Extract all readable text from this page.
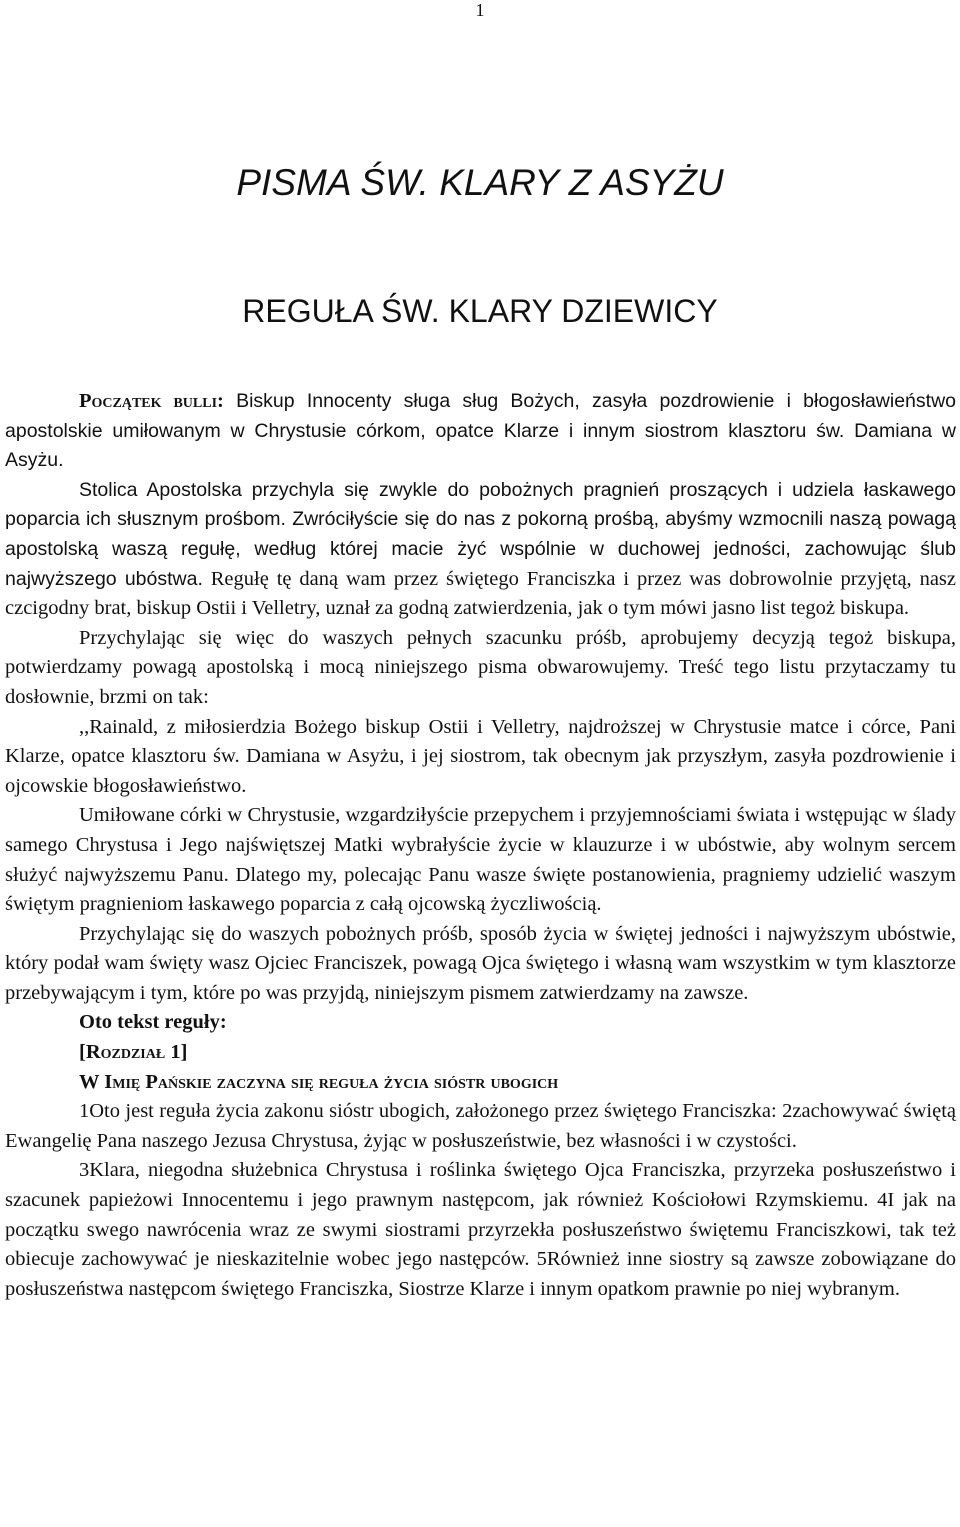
1
PISMA ŚW. KLARY Z ASYŻU
REGUŁA ŚW. KLARY DZIEWICY

Początek bulli: Biskup Innocenty sługa sług Bożych, zasyła pozdrowienie i błogosławieństwo apostolskie umiłowanym w Chrystusie córkom, opatce Klarze i innym siostrom klasztoru św. Damiana w Asyżu.

Stolica Apostolska przychyla się zwykle do pobożnych pragnień proszących i udziela łaskawego poparcia ich słusznym prośbom. Zwróciłyście się do nas z pokorną prośbą, abyśmy wzmocnili naszą powagą apostolską waszą regułę, według której macie żyć wspólnie w duchowej jedności, zachowując ślub najwyższego ubóstwa. Regułę tę daną wam przez świętego Franciszka i przez was dobrowolnie przyjętą, nasz czcigodny brat, biskup Ostii i Velletry, uznał za godną zatwierdzenia, jak o tym mówi jasno list tegoż biskupa.

Przychylając się więc do waszych pełnych szacunku próśb, aprobujemy decyzją tegoż biskupa, potwierdzamy powagą apostolską i mocą niniejszego pisma obwarowujemy. Treść tego listu przytaczamy tu dosłownie, brzmi on tak:

,,Rainald, z miłosierdzia Bożego biskup Ostii i Velletry, najdroższej w Chrystusie matce i córce, Pani Klarze, opatce klasztoru św. Damiana w Asyżu, i jej siostrom, tak obecnym jak przyszłym, zasyła pozdrowienie i ojcowskie błogosławieństwo.

Umiłowane córki w Chrystusie, wzgardziłyście przepychem i przyjemnościami świata i wstępując w ślady samego Chrystusa i Jego najświętszej Matki wybrałyście życie w klauzurze i w ubóstwie, aby wolnym sercem służyć najwyższemu Panu. Dlatego my, polecając Panu wasze święte postanowienia, pragniemy udzielić waszym świętym pragnieniom łaskawego poparcia z całą ojcowską życzliwością.

Przychylając się do waszych pobożnych próśb, sposób życia w świętej jedności i najwyższym ubóstwie, który podał wam święty wasz Ojciec Franciszek, powagą Ojca świętego i własną wam wszystkim w tym klasztorze przebywającym i tym, które po was przyjdą, niniejszym pismem zatwierdzamy na zawsze.

Oto tekst reguły:

[Rozdział 1]

W Imię Pańskie zaczyna się reguła życia sióstr ubogich

1Oto jest reguła życia zakonu sióstr ubogich, założonego przez świętego Franciszka: 2zachowywać świętą Ewangelię Pana naszego Jezusa Chrystusa, żyjąc w posłuszeństwie, bez własności i w czystości.

3Klara, niegodna służebnica Chrystusa i roślinka świętego Ojca Franciszka, przyrzeka posłuszeństwo i szacunek papieżowi Innocentemu i jego prawnym następcom, jak również Kościołowi Rzymskiemu. 4I jak na początku swego nawrócenia wraz ze swymi siostrami przyrzekła posłuszeństwo świętemu Franciszkowi, tak też obiecuje zachowywać je nieskazitelnie wobec jego następców. 5Również inne siostry są zawsze zobowiązane do posłuszeństwa następcom świętego Franciszka, Siostrze Klarze i innym opatkom prawnie po niej wybranym.
